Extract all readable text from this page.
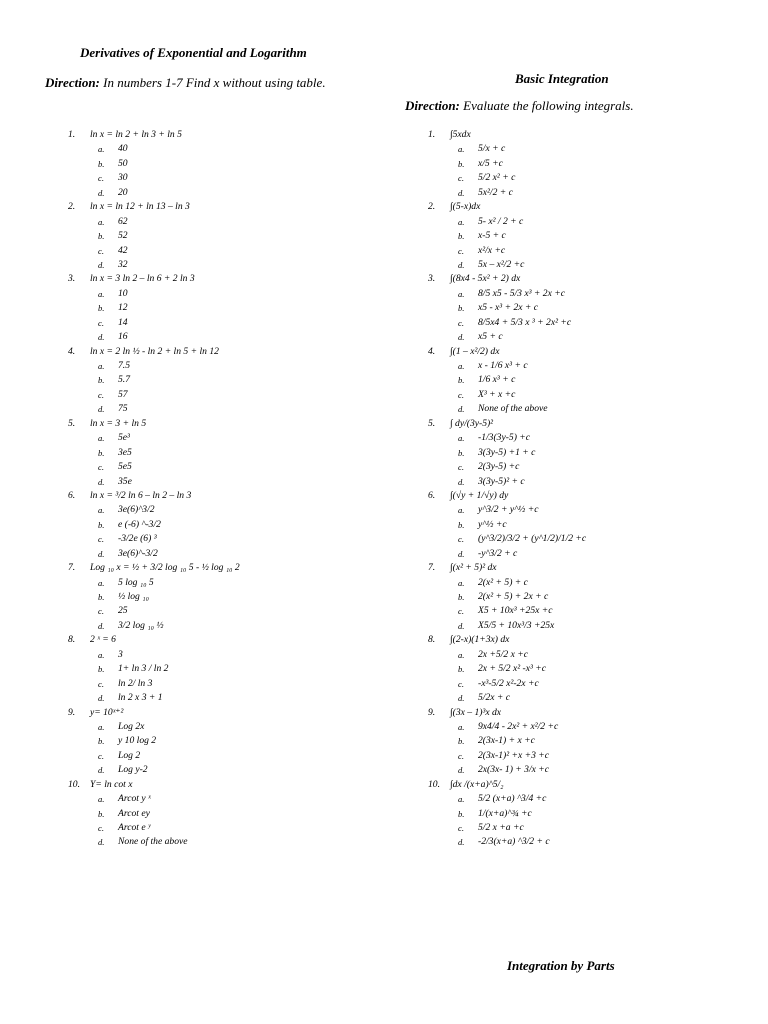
Derivatives of Exponential and Logarithm
Direction: In numbers 1-7 Find x without using table.	Basic Integration
Direction: Evaluate the following integrals.
1.	ln x = ln 2 + ln 3 + ln 5
a.	40
b.	50
c.	30
d.	20
2.	ln x = ln 12 + ln 13 – ln 3
a.	62
b.	52
c.	42
d.	32
3.	ln x = 3 ln 2 – ln 6 + 2 ln 3
a.	10
b.	12
c.	14
d.	16
4.	ln x = 2 ln ½ - ln 2 + ln 5 + ln 12
a.	7.5
b.	5.7
c.	57
d.	75
5.	ln x = 3 + ln 5
a.	5e³
b.	3e5
c.	5e5
d.	35e
6.	ln x = ³/2 ln 6 – ln 2 – ln 3
a.	3e(6)^3/2
b.	e (-6) ^-3/2
c.	-3/2e (6) ³
d.	3e(6)^-3/2
7.	Log ₁₀ x = ½ + 3/2 log ₁₀ 5 - ½ log ₁₀ 2
a.	5 log ₁₀ 5
b.	½ log ₁₀
c.	25
d.	3/2 log ₁₀ ½
8.	2 ˣ = 6
a.	3
b.	1+ ln 3 / ln 2
c.	ln 2/ ln 3
d.	ln 2 x 3 + 1
9.	y= 10ˣ⁺²
a.	Log 2x
b.	y 10 log 2
c.	Log 2
d.	Log y-2
10.	Y= ln cot x
a.	Arcot y ˣ
b.	Arcot ey
c.	Arcot e ʸ
d.	None of the above
1.	∫5xdx
a.	5/x + c
b.	x/5 +c
c.	5/2 x² + c
d.	5x²/2 + c
2.	∫(5-x)dx
a.	5- x² / 2 + c
b.	x-5 + c
c.	x²/x +c
d.	5x – x²/2 +c
3.	∫(8x4 - 5x² + 2) dx
a.	8/5 x5 - 5/3 x³ + 2x +c
b.	x5 - x³ + 2x + c
c.	8/5x4 + 5/3 x ³ + 2x² +c
d.	x5 + c
4.	∫(1 – x²/2) dx
a.	x - 1/6 x³ + c
b.	1/6 x³ + c
c.	X³ + x +c
d.	None of the above
5.	∫ dy/(3y-5)²
a.	-1/3(3y-5) +c
b.	3(3y-5) +1 + c
c.	2(3y-5) +c
d.	3(3y-5)² + c
6.	∫(√y + 1/√y) dy
a.	y^3/2 + y^½ +c
b.	y^½ +c
c.	(y^3/2)/3/2 + (y^1/2)/1/2 +c
d.	-y^3/2 + c
7.	∫(x² + 5)² dx
a.	2(x² + 5) + c
b.	2(x² + 5) + 2x + c
c.	X5 + 10x³ +25x +c
d.	X5/5 + 10x³/3 +25x
8.	∫(2-x)(1+3x) dx
a.	2x +5/2 x +c
b.	2x + 5/2 x² -x³ +c
c.	-x³-5/2 x²-2x +c
d.	5/2x + c
9.	∫(3x – 1)³x dx
a.	9x4/4 - 2x² + x²/2 +c
b.	2(3x-1) + x +c
c.	2(3x-1)² +x +3 +c
d.	2x(3x- 1) + 3/x +c
10.	∫dx /(x+a)^5/₂
a.	5/2 (x+a) ^3/4 +c
b.	1/(x+a)^¾ +c
c.	5/2 x +a +c
d.	-2/3(x+a) ^3/2 + c
Integration by Parts
